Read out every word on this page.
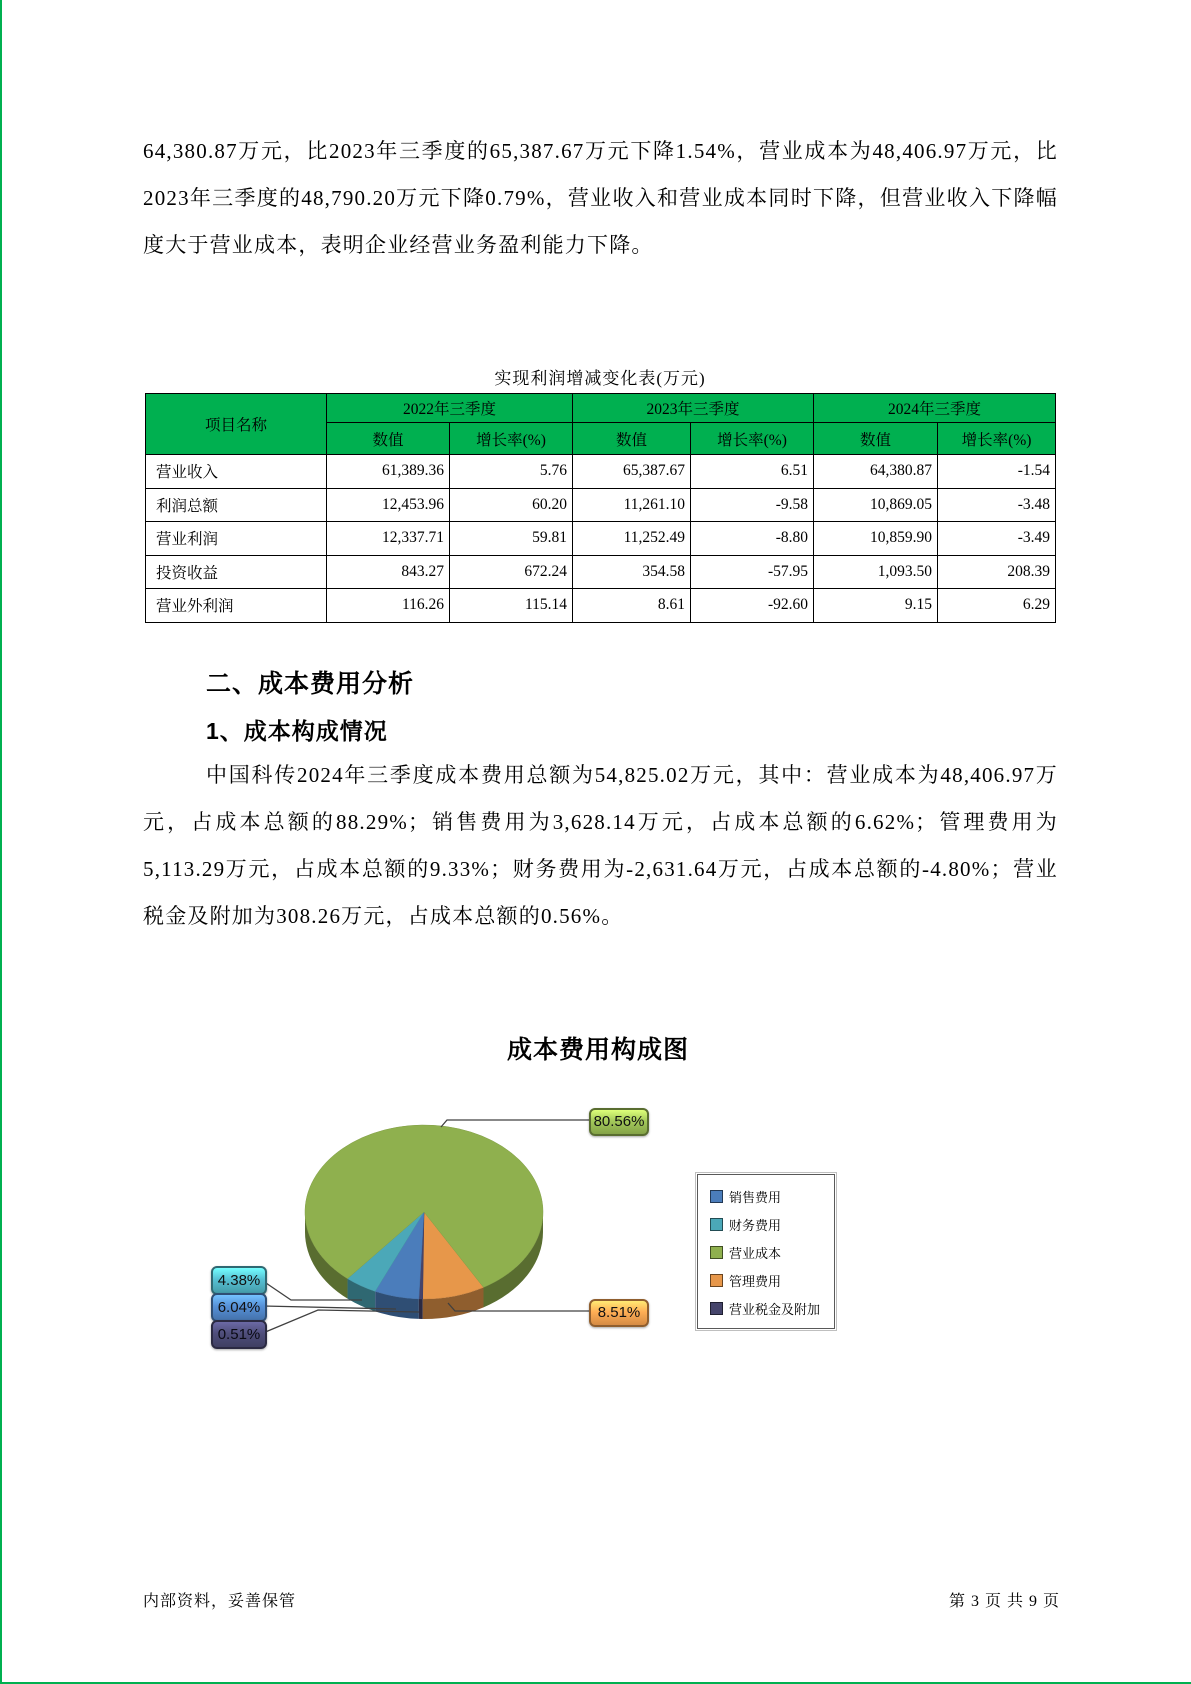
64,380.87万元，比2023年三季度的65,387.67万元下降1.54%，营业成本为48,406.97万元，比2023年三季度的48,790.20万元下降0.79%，营业收入和营业成本同时下降，但营业收入下降幅度大于营业成本，表明企业经营业务盈利能力下降。
实现利润增减变化表(万元)
项目名称	2022年三季度		2023年三季度		2024年三季度	
	数值	增长率(%)	数值	增长率(%)	数值	增长率(%)
营业收入	61,389.36	5.76	65,387.67	6.51	64,380.87	-1.54
利润总额	12,453.96	60.20	11,261.10	-9.58	10,869.05	-3.48
营业利润	12,337.71	59.81	11,252.49	-8.80	10,859.90	-3.49
投资收益	843.27	672.24	354.58	-57.95	1,093.50	208.39
营业外利润	116.26	115.14	8.61	-92.60	9.15	6.29
二、成本费用分析
1、成本构成情况
中国科传2024年三季度成本费用总额为54,825.02万元，其中：营业成本为48,406.97万元，占成本总额的88.29%；销售费用为3,628.14万元，占成本总额的6.62%；管理费用为5,113.29万元，占成本总额的9.33%；财务费用为-2,631.64万元，占成本总额的-4.80%；营业税金及附加为308.26万元，占成本总额的0.56%。
成本费用构成图
80.56%
4.38%
6.04%
0.51%
8.51%
销售费用
财务费用
营业成本
管理费用
营业税金及附加
内部资料，妥善保管	第 3 页 共 9 页
